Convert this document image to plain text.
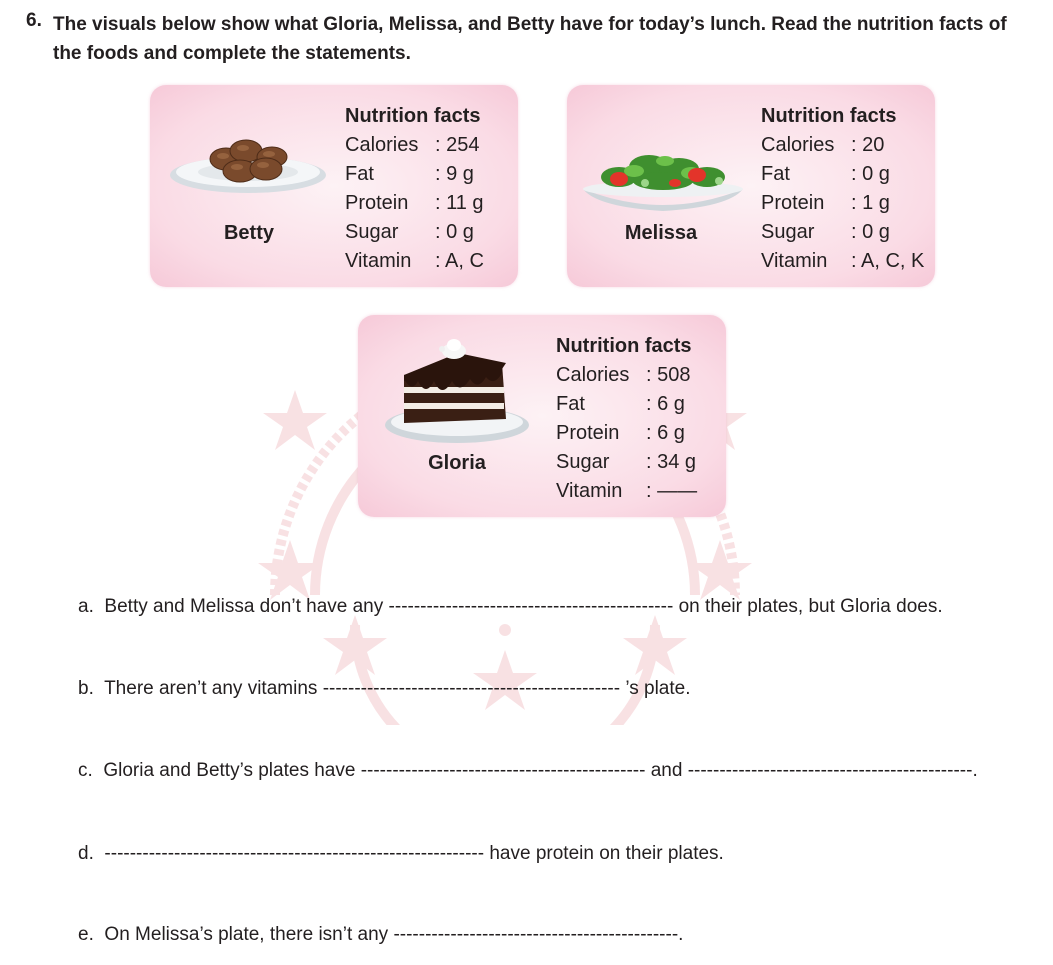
6. The visuals below show what Gloria, Melissa, and Betty have for today’s lunch. Read the nutrition facts of the foods and complete the statements.
Betty
Nutrition facts
Calories : 254
Fat	: 9 g
Protein : 11 g
Sugar : 0 g
Vitamin : A, C
Melissa
Nutrition facts
Calories : 20
Fat	: 0 g
Protein : 1 g
Sugar : 0 g
Vitamin : A, C, K
Gloria
Nutrition facts
Calories : 508
Fat	: 6 g
Protein : 6 g
Sugar : 34 g
Vitamin : ——
a. Betty and Melissa don’t have any --------------------------------------------- on their plates, but Gloria does.
b. There aren’t any vitamins ----------------------------------------------- ’s plate.
c. Gloria and Betty’s plates have --------------------------------------------- and ---------------------------------------------.
d. ------------------------------------------------------------ have protein on their plates.
e. On Melissa’s plate, there isn’t any ---------------------------------------------.
